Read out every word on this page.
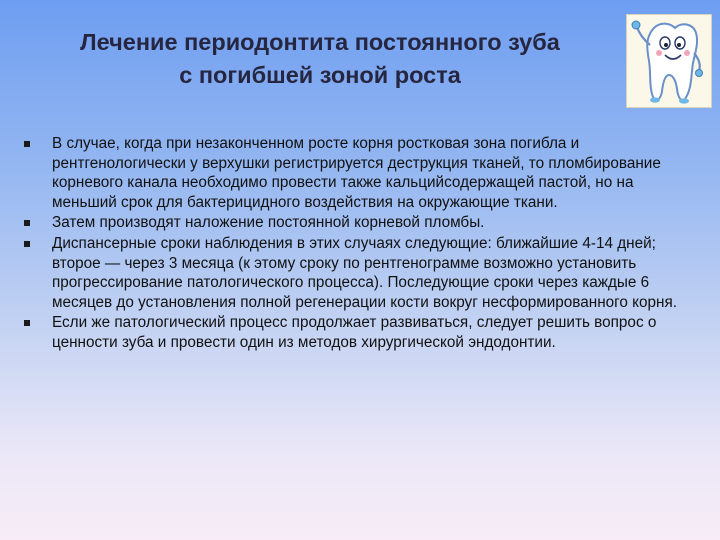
Лечение периодонтита постоянного зуба
с погибшей зоной роста
В случае, когда при незаконченном росте корня ростковая зона погибла и рентгенологически у верхушки регистрируется деструкция тканей, то пломбирование корневого канала необходимо провести также кальцийсодержащей пастой, но на меньший срок для бактерицидного воздействия на окружающие ткани.
Затем производят наложение постоянной корневой пломбы.
Диспансерные сроки наблюдения в этих случаях следующие: ближайшие 4-14 дней; второе — через 3 месяца (к этому сроку по рентгенограмме возможно установить прогрессирование патологического процесса). Последующие сроки через каждые 6 месяцев до установления полной регенерации кости вокруг несформированного корня.
Если же патологический процесс продолжает развиваться, следует решить вопрос о ценности зуба и провести один из методов хирургической эндодонтии.
